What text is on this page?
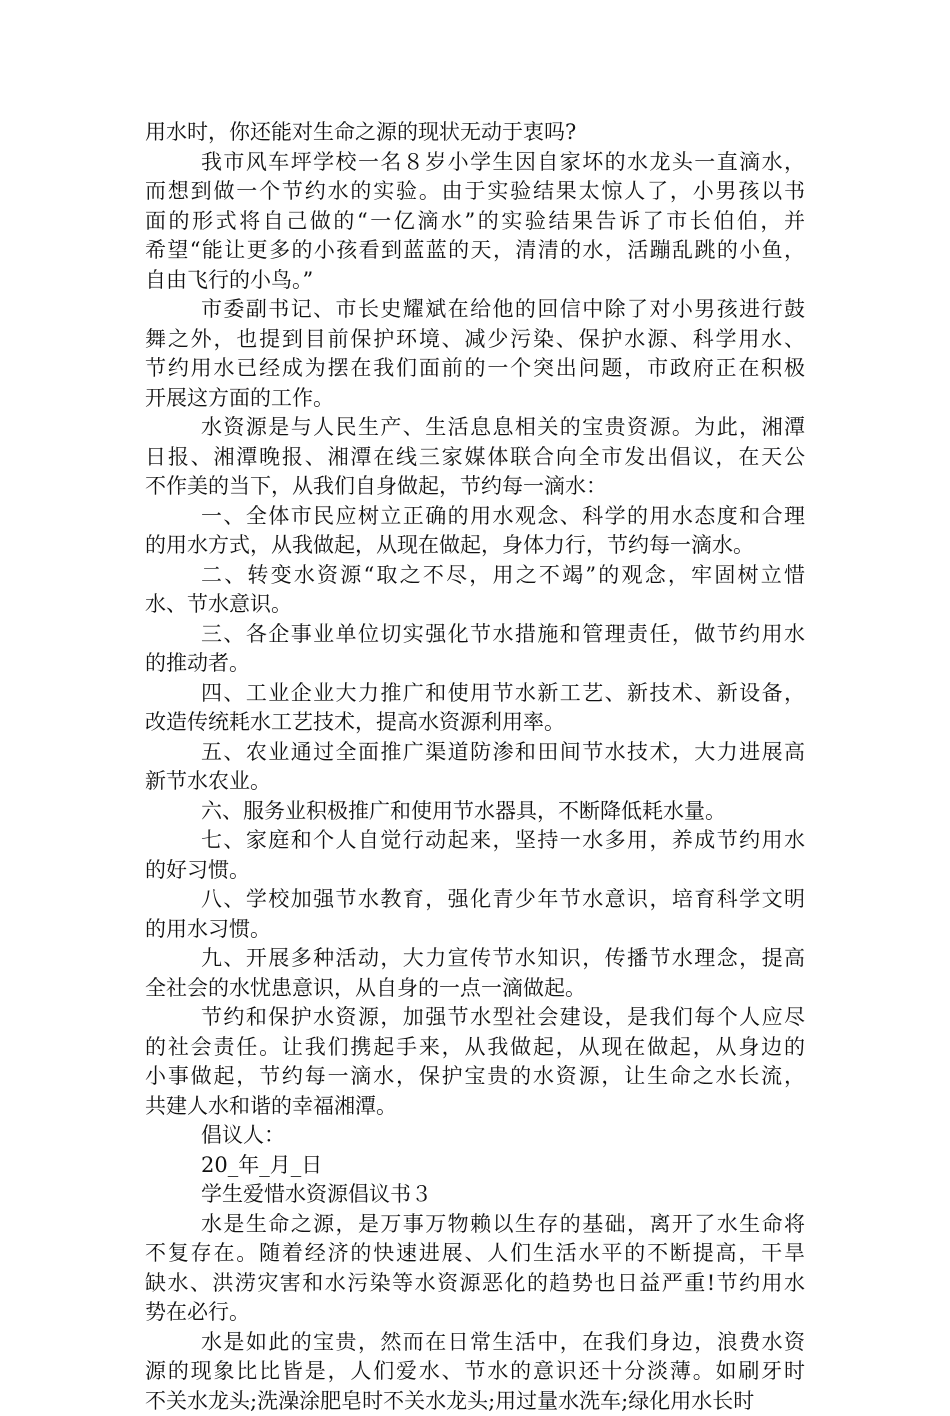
用水时，你还能对生命之源的现状无动于衷吗?
我市风车坪学校一名８岁小学生因自家坏的水龙头一直滴水，
而想到做一个节约水的实验。由于实验结果太惊人了，小男孩以书
面的形式将自己做的“一亿滴水”的实验结果告诉了市长伯伯，并
希望“能让更多的小孩看到蓝蓝的天，清清的水，活蹦乱跳的小鱼，
自由飞行的小鸟。”
市委副书记、市长史耀斌在给他的回信中除了对小男孩进行鼓
舞之外，也提到目前保护环境、减少污染、保护水源、科学用水、
节约用水已经成为摆在我们面前的一个突出问题，市政府正在积极
开展这方面的工作。
水资源是与人民生产、生活息息相关的宝贵资源。为此，湘潭
日报、湘潭晚报、湘潭在线三家媒体联合向全市发出倡议，在天公
不作美的当下，从我们自身做起，节约每一滴水：
一、全体市民应树立正确的用水观念、科学的用水态度和合理
的用水方式，从我做起，从现在做起，身体力行，节约每一滴水。
二、转变水资源“取之不尽，用之不竭”的观念，牢固树立惜
水、节水意识。
三、各企事业单位切实强化节水措施和管理责任，做节约用水
的推动者。
四、工业企业大力推广和使用节水新工艺、新技术、新设备，
改造传统耗水工艺技术，提高水资源利用率。
五、农业通过全面推广渠道防渗和田间节水技术，大力进展高
新节水农业。
六、服务业积极推广和使用节水器具，不断降低耗水量。
七、家庭和个人自觉行动起来，坚持一水多用，养成节约用水
的好习惯。
八、学校加强节水教育，强化青少年节水意识，培育科学文明
的用水习惯。
九、开展多种活动，大力宣传节水知识，传播节水理念，提高
全社会的水忧患意识，从自身的一点一滴做起。
节约和保护水资源，加强节水型社会建设，是我们每个人应尽
的社会责任。让我们携起手来，从我做起，从现在做起，从身边的
小事做起，节约每一滴水，保护宝贵的水资源，让生命之水长流，
共建人水和谐的幸福湘潭。
倡议人：
20_年_月_日
学生爱惜水资源倡议书３
水是生命之源，是万事万物赖以生存的基础，离开了水生命将
不复存在。随着经济的快速进展、人们生活水平的不断提高，干旱
缺水、洪涝灾害和水污染等水资源恶化的趋势也日益严重!节约用水
势在必行。
水是如此的宝贵，然而在日常生活中，在我们身边，浪费水资
源的现象比比皆是，人们爱水、节水的意识还十分淡薄。如刷牙时
不关水龙头;洗澡涂肥皂时不关水龙头;用过量水洗车;绿化用水长时
